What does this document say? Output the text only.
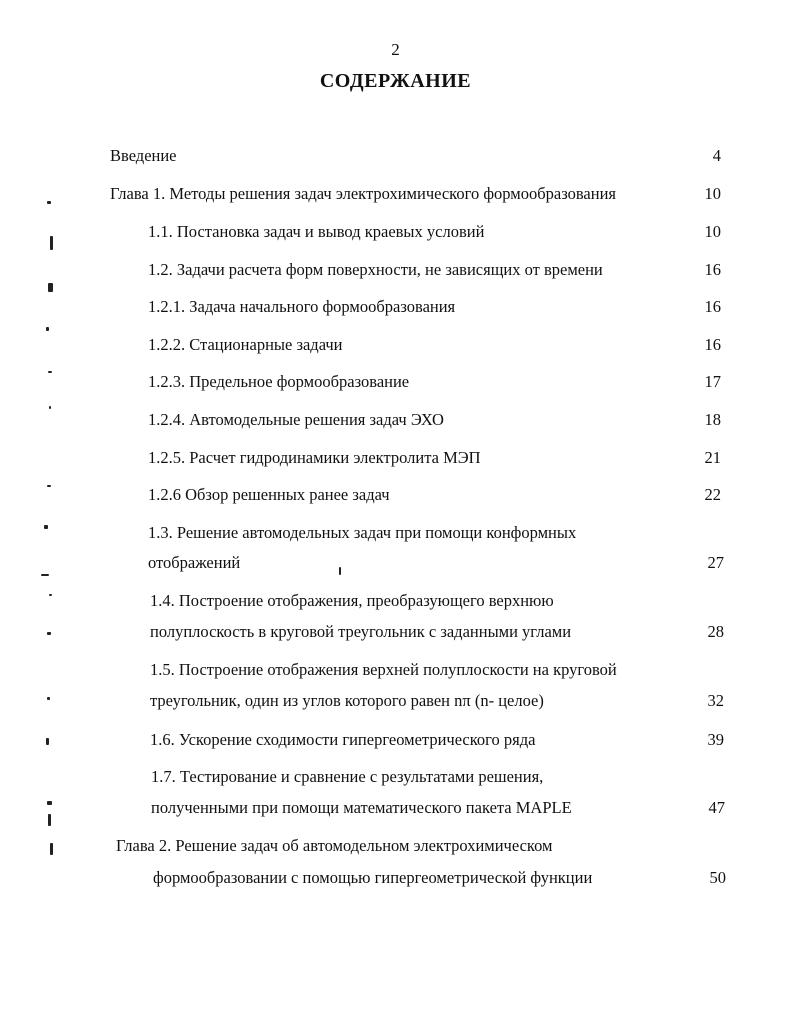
2
СОДЕРЖАНИЕ
Введение	4
Глава 1. Методы решения задач электрохимического формообразования	10
1.1. Постановка задач и вывод краевых условий	10
1.2. Задачи расчета форм поверхности, не зависящих от времени	16
1.2.1. Задача начального формообразования	16
1.2.2. Стационарные задачи	16
1.2.3. Предельное формообразование	17
1.2.4. Автомодельные решения задач ЭХО	18
1.2.5. Расчет гидродинамики электролита МЭП	21
1.2.6 Обзор решенных ранее задач	22
1.3. Решение автомодельных задач при помощи конформных
отображений	27
1.4. Построение отображения, преобразующего верхнюю
полуплоскость в круговой треугольник с заданными углами	28
1.5. Построение отображения верхней полуплоскости на круговой
треугольник, один из углов которого равен nπ (n- целое)	32
1.6. Ускорение сходимости гипергеометрического ряда	39
1.7. Тестирование и сравнение с результатами решения,
полученными при помощи математического пакета MAPLE	47
Глава 2. Решение задач об автомодельном электрохимическом
формообразовании с помощью гипергеометрической функции	50
